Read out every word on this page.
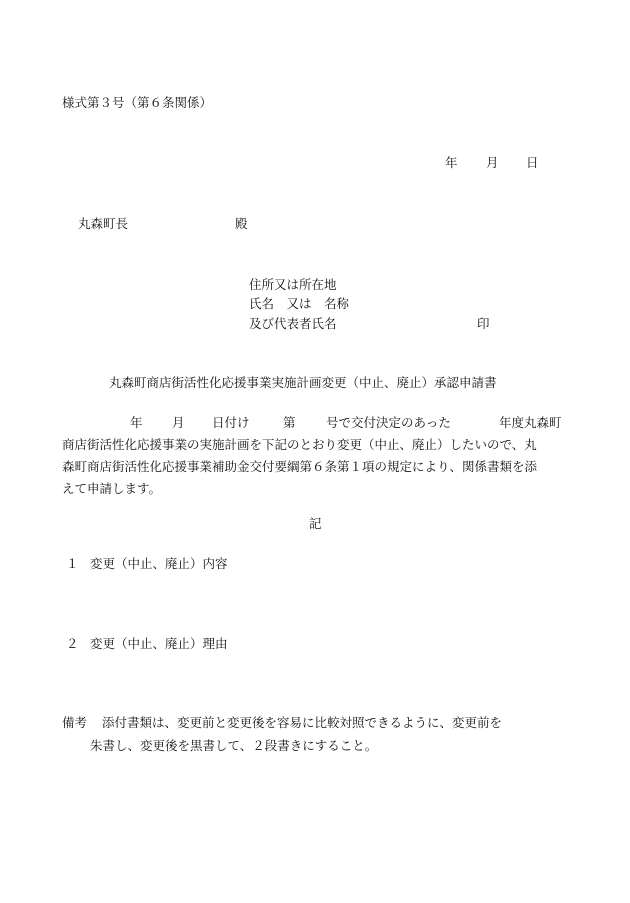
様式第３号（第６条関係）
年 月 日
丸森町長	殿
住所又は所在地
氏名　又は　名称
及び代表者氏名	印
丸森町商店街活性化応援事業実施計画変更（中止、廃止）承認申請書
年 月 日付け	第 号で交付決定のあった	年度丸森町
商店街活性化応援事業の実施計画を下記のとおり変更（中止、廃止）したいので、丸
森町商店街活性化応援事業補助金交付要綱第６条第１項の規定により、関係書類を添
えて申請します。
記
１ 変更（中止、廃止）内容
２ 変更（中止、廃止）理由
備考 添付書類は、変更前と変更後を容易に比較対照できるように、変更前を
朱書し、変更後を黒書して、２段書きにすること。
